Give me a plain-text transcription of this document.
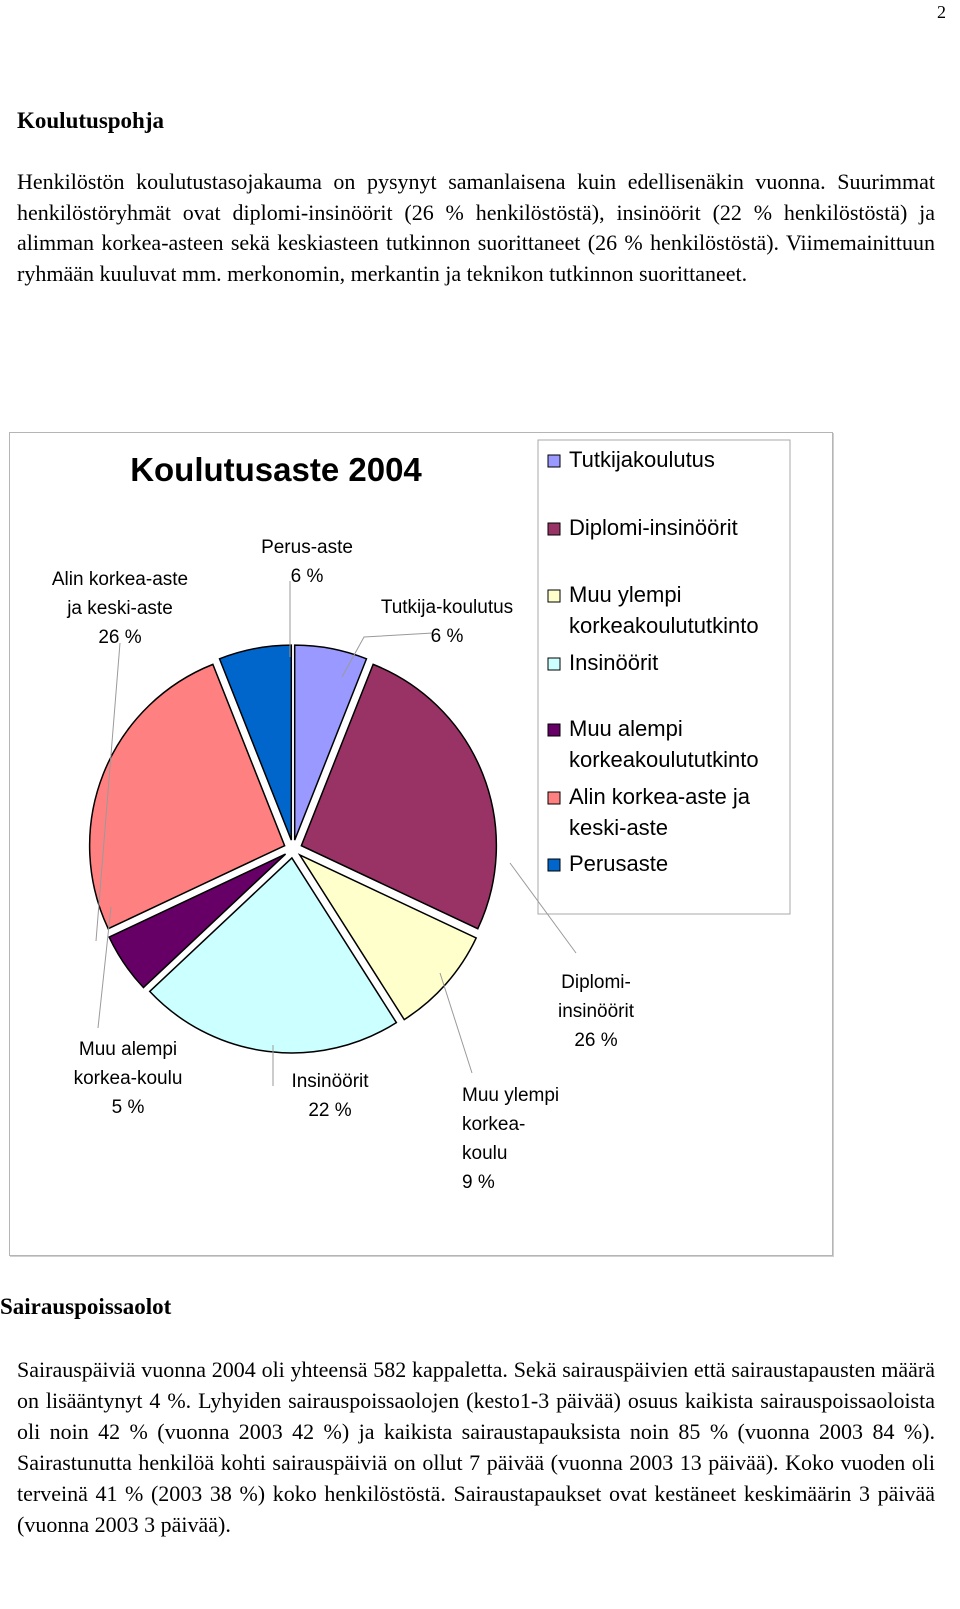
2
Koulutuspohja

Henkilöstön koulutustasojakauma on pysynyt samanlaisena kuin edellisenäkin vuonna. Suurimmat henkilöstöryhmät ovat diplomi-insinöörit (26 % henkilöstöstä), insinöörit (22 % henkilöstöstä) ja alimman korkea-asteen sekä keskiasteen tutkinnon suorittaneet (26 % henkilöstöstä). Viimemainittuun ryhmään kuuluvat mm. merkonomin, merkantin ja teknikon tutkinnon suorittaneet.

Koulutusaste 2004
Tutkija-koulutus 6 %
Diplomi-insinöörit 26 %
Muu ylempi korkea-koulu 9 %
Insinöörit 22 %
Muu alempi korkea-koulu 5 %
Alin korkea-aste ja keski-aste 26 %
Perus-aste 6 %
Tutkijakoulutus
Diplomi-insinöörit
Muu ylempi korkeakoulututkinto
Insinöörit
Muu alempi korkeakoulututkinto
Alin korkea-aste ja keski-aste
Perusaste
Sairauspoissaolot

Sairauspäiviä vuonna 2004 oli yhteensä 582 kappaletta. Sekä sairauspäivien että sairaustapausten määrä on lisääntynyt 4 %. Lyhyiden sairauspoissaolojen (kesto1-3 päivää) osuus kaikista sairauspoissaoloista oli noin 42 % (vuonna 2003 42 %) ja kaikista sairaustapauksista noin 85 % (vuonna 2003 84 %). Sairastunutta henkilöä kohti sairauspäiviä on ollut 7 päivää (vuonna 2003 13 päivää). Koko vuoden oli terveinä 41 % (2003 38 %) koko henkilöstöstä. Sairaustapaukset ovat kestäneet keskimäärin 3 päivää (vuonna 2003 3 päivää).
